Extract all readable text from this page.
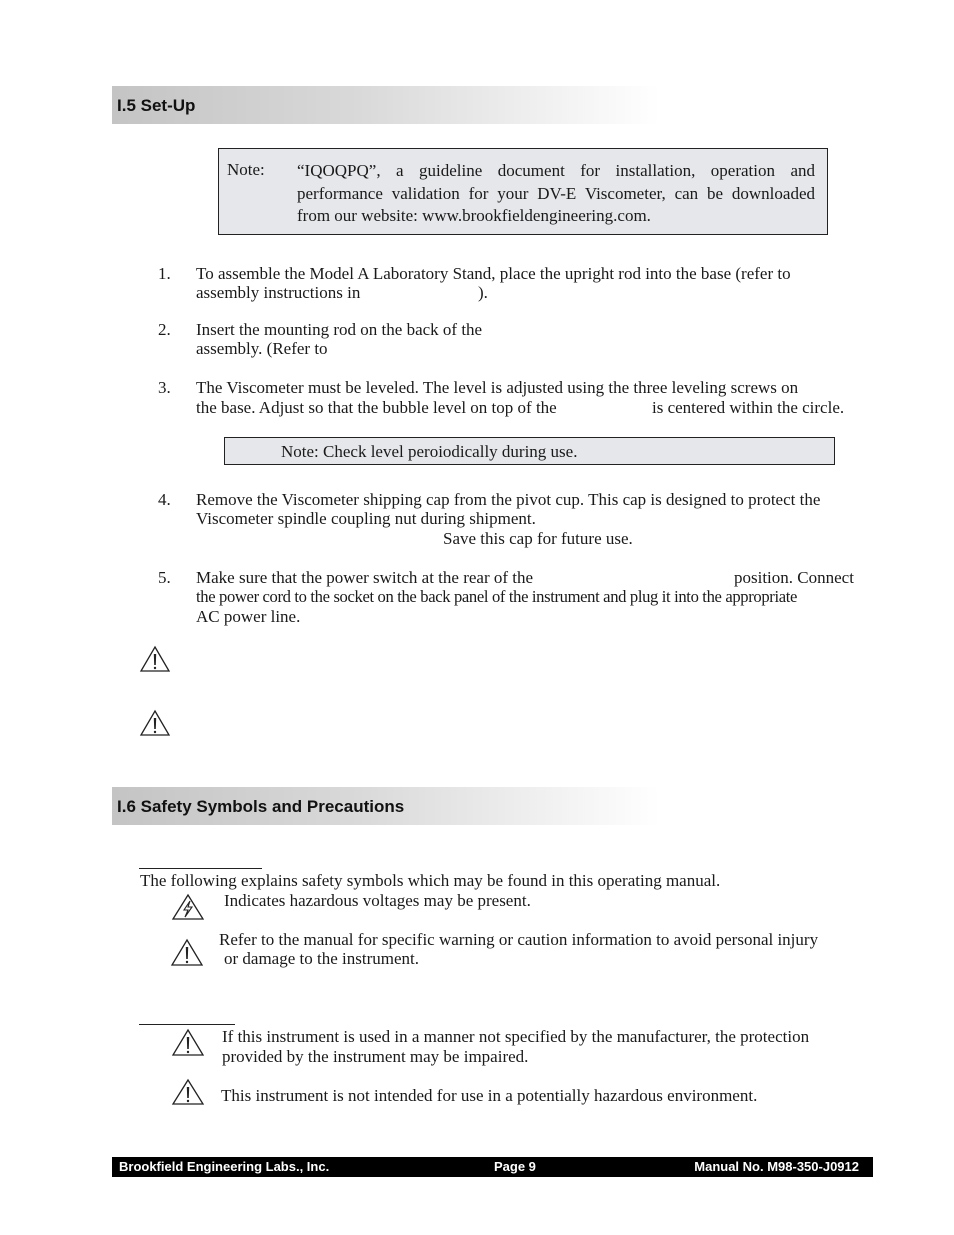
I.5 Set-Up
Note: “IQOQPQ”, a guideline document for installation, operation and performance validation for your DV-E Viscometer, can be downloaded from our website: www.brookfieldengineering.com.
1. To assemble the Model A Laboratory Stand, place the upright rod into the base (refer to
assembly instructions in	).
2. Insert the mounting rod on the back of the
assembly. (Refer to
3. The Viscometer must be leveled. The level is adjusted using the three leveling screws on
the base. Adjust so that the bubble level on top of the	is centered within the circle.
Note: Check level peroiodically during use.
4. Remove the Viscometer shipping cap from the pivot cup. This cap is designed to protect the
Viscometer spindle coupling nut during shipment.
Save this cap for future use.
5. Make sure that the power switch at the rear of the	position. Connect
the power cord to the socket on the back panel of the instrument and plug it into the appropriate
AC power line.
I.6 Safety Symbols and Precautions
The following explains safety symbols which may be found in this operating manual.
Indicates hazardous voltages may be present.
Refer to the manual for specific warning or caution information to avoid personal injury
or damage to the instrument.
If this instrument is used in a manner not specified by the manufacturer, the protection
provided by the instrument may be impaired.
This instrument is not intended for use in a potentially hazardous environment.
Brookfield Engineering Labs., Inc.	Page 9	Manual No. M98-350-J0912
